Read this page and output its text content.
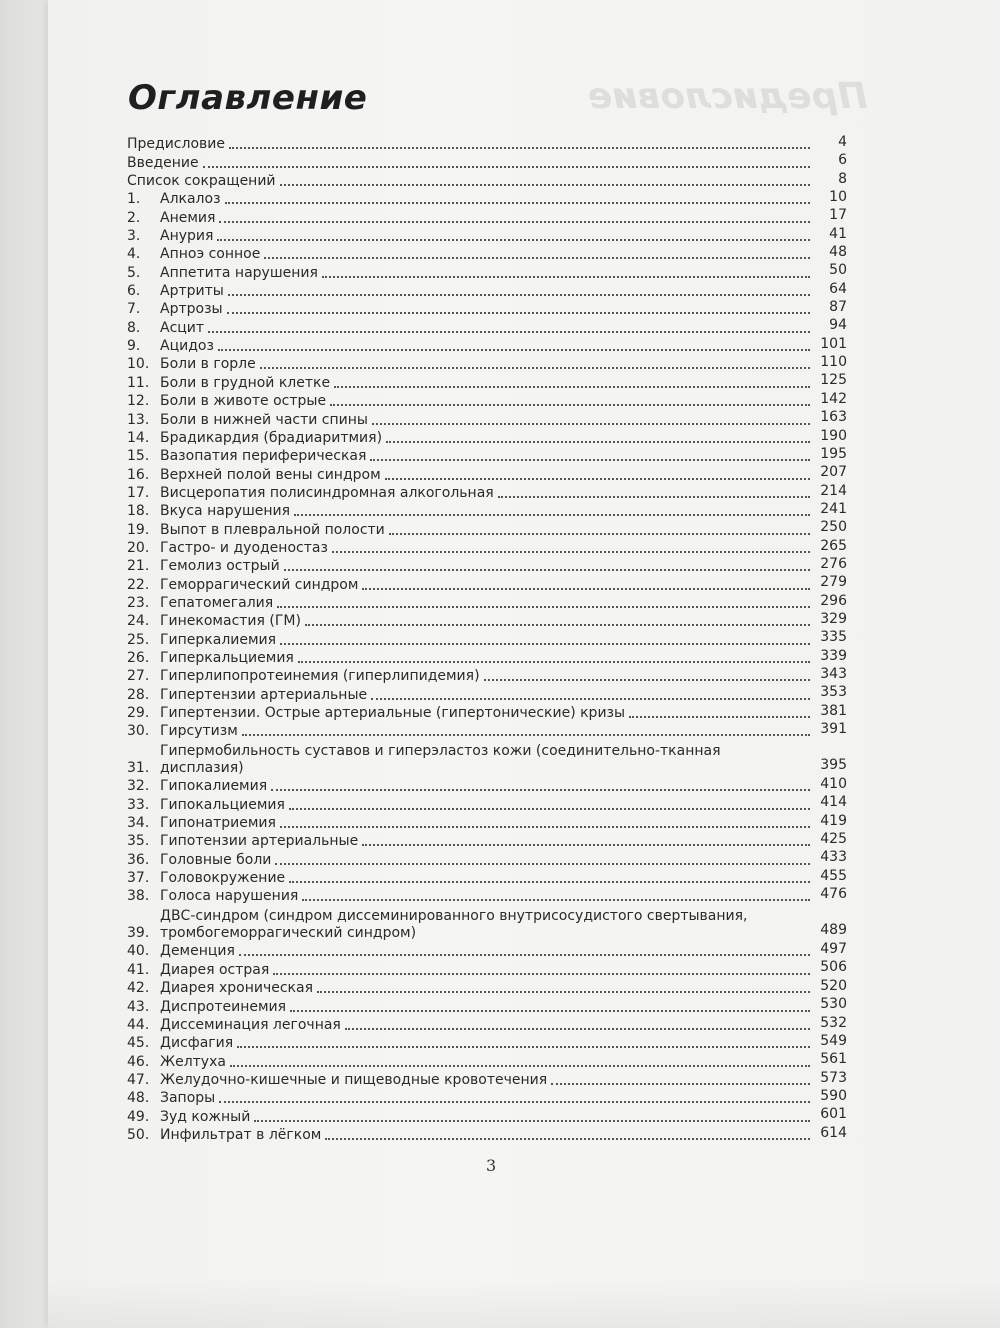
Предисловие
Оглавление
Предисловие	4
Введение	6
Список сокращений	8
1.	Алкалоз	10
2.	Анемия	17
3.	Анурия	41
4.	Апноэ сонное	48
5.	Аппетита нарушения	50
6.	Артриты	64
7.	Артрозы	87
8.	Асцит	94
9.	Ацидоз	101
10. Боли в горле	110
11. Боли в грудной клетке	125
12. Боли в животе острые	142
13. Боли в нижней части спины	163
14. Брадикардия (брадиаритмия)	190
15. Вазопатия периферическая	195
16. Верхней полой вены синдром	207
17. Висцеропатия полисиндромная алкогольная	214
18. Вкуса нарушения	241
19. Выпот в плевральной полости	250
20. Гастро- и дуоденостаз	265
21. Гемолиз острый	276
22. Геморрагический синдром	279
23. Гепатомегалия	296
24. Гинекомастия (ГМ)	329
25. Гиперкалиемия	335
26. Гиперкальциемия	339
27. Гиперлипопротеинемия (гиперлипидемия)	343
28. Гипертензии артериальные	353
29. Гипертензии. Острые артериальные (гипертонические) кризы	381
30. Гирсутизм	391
31.
Гипермобильность суставов и гиперэластоз кожи (соединительно-тканная дисплазия)	395
32. Гипокалиемия	410
33. Гипокальциемия	414
34. Гипонатриемия	419
35. Гипотензии артериальные	425
36. Головные боли	433
37. Головокружение	455
38. Голоса нарушения	476
39.
ДВС-синдром (синдром диссеминированного внутрисосудистого свертывания, тромбогеморрагический синдром)	489
40. Деменция	497
41. Диарея острая	506
42. Диарея хроническая	520
43. Диспротеинемия	530
44. Диссеминация легочная	532
45. Дисфагия	549
46. Желтуха	561
47. Желудочно-кишечные и пищеводные кровотечения	573
48. Запоры	590
49. Зуд кожный	601
50. Инфильтрат в лёгком	614
3
